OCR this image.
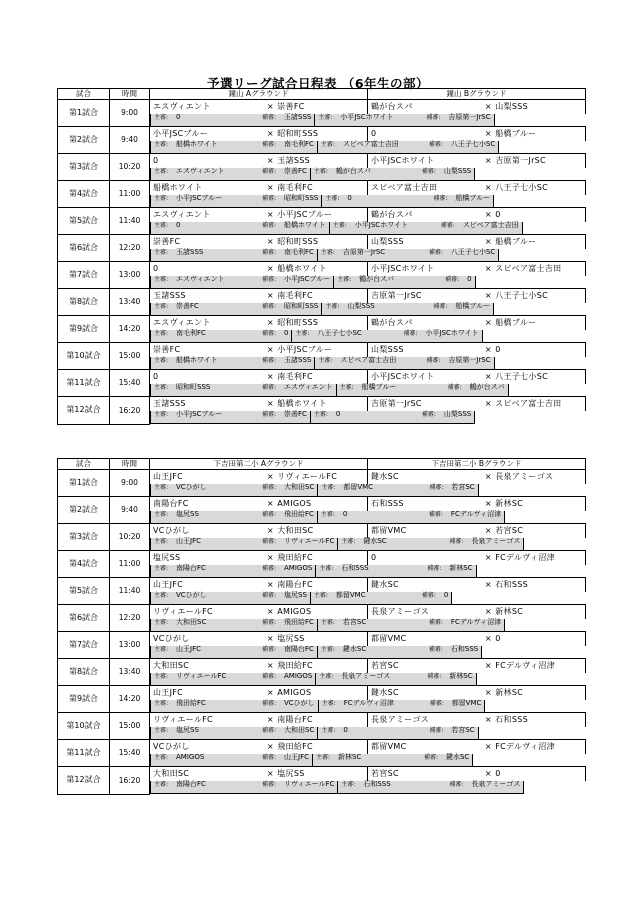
予選リーグ試合日程表 （6年生の部）
試合	時間	鐘山 Aグラウンド	鐘山 Bグラウンド
第1試合	9:00	エスヴィエント	× 崇善FC	鶴が台スパ	× 山梨SSS

主審:	0	補審:	玉諸SSS 主審:	小平JSCホワイト	補審:	吉原第一JrSC
第2試合	9:40	小平JSCブルー	× 昭和町SSS	0	× 船橋ブルー

主審:	船橋ホワイト	補審:	南毛利FC 主審:	スピベア富士吉田	補審:	八王子七小SC
第3試合	10:20	0	× 玉諸SSS	小平JSCホワイト	× 吉原第一JrSC

主審:	エスヴィエント	補審:	崇善FC 主審:	鶴が台スパ	補審:	山梨SSS
第4試合	11:00	船橋ホワイト	× 南毛利FC	スピベア富士吉田	× 八王子七小SC

主審:	小平JSCブルー	補審:	昭和町SSS 主審:	0	補審:	船橋ブルー
第5試合	11:40	エスヴィエント	× 小平JSCブルー	鶴が台スパ	× 0

主審:	0	補審:	船橋ホワイト 主審:	小平JSCホワイト	補審:	スピベア富士吉田
第6試合	12:20	崇善FC	× 昭和町SSS	山梨SSS	× 船橋ブルー

主審:	玉諸SSS	補審:	南毛利FC 主審:	吉原第一JrSC	補審:	八王子七小SC
第7試合	13:00	0	× 船橋ホワイト	小平JSCホワイト	× スピベア富士吉田

主審:	エスヴィエント	補審:	小平JSCブルー 主審:	鶴が台スパ	補審:	0
第8試合	13:40	玉諸SSS	× 南毛利FC	吉原第一JrSC	× 八王子七小SC

主審:	崇善FC	補審:	昭和町SSS 主審:	山梨SSS	補審:	船橋ブルー
第9試合	14:20	エスヴィエント	× 昭和町SSS	鶴が台スパ	× 船橋ブルー

主審:	南毛利FC	補審:	0 主審:	八王子七小SC	補審:	小平JSCホワイト
第10試合	15:00	崇善FC	× 小平JSCブルー	山梨SSS	× 0

主審:	船橋ホワイト	補審:	玉諸SSS 主審:	スピベア富士吉田	補審:	吉原第一JrSC
第11試合	15:40	0	× 南毛利FC	小平JSCホワイト	× 八王子七小SC

主審:	昭和町SSS	補審:	エスヴィエント 主審:	船橋ブルー	補審:	鶴が台スパ
第12試合	16:20	玉諸SSS	× 船橋ホワイト	吉原第一JrSC	× スピベア富士吉田

主審:	小平JSCブルー	補審:	崇善FC 主審:	0	補審:	山梨SSS
試合	時間	下吉田第二小 Aグラウンド	下吉田第二小 Bグラウンド
第1試合	9:00	山王JFC	× リヴィエールFC	鍵水SC	× 長泉アミーゴス

主審:	VCひがし	補審:	大和田SC 主審:	都留VMC	補審:	若宮SC
第2試合	9:40	南陽台FC	× AMIGOS	石和SSS	× 新林SC

主審:	塩尻SS	補審:	飛田給FC 主審:	0	補審:	FCデルヴィ沼津
第3試合	10:20	VCひがし	× 大和田SC	都留VMC	× 若宮SC

主審:	山王JFC	補審:	リヴィエールFC 主審:	鍵水SC	補審:	長泉アミーゴス
第4試合	11:00	塩尻SS	× 飛田給FC	0	× FCデルヴィ沼津

主審:	南陽台FC	補審:	AMIGOS 主審:	石和SSS	補審:	新林SC
第5試合	11:40	山王JFC	× 南陽台FC	鍵水SC	× 石和SSS

主審:	VCひがし	補審:	塩尻SS 主審:	都留VMC	補審:	0
第6試合	12:20	リヴィエールFC	× AMIGOS	長泉アミーゴス	× 新林SC

主審:	大和田SC	補審:	飛田給FC 主審:	若宮SC	補審:	FCデルヴィ沼津
第7試合	13:00	VCひがし	× 塩尻SS	都留VMC	× 0

主審:	山王JFC	補審:	南陽台FC 主審:	鍵水SC	補審:	石和SSS
第8試合	13:40	大和田SC	× 飛田給FC	若宮SC	× FCデルヴィ沼津

主審:	リヴィエールFC	補審:	AMIGOS 主審:	長泉アミーゴス	補審:	新林SC
第9試合	14:20	山王JFC	× AMIGOS	鍵水SC	× 新林SC

主審:	飛田給FC	補審:	VCひがし 主審:	FCデルヴィ沼津	補審:	都留VMC
第10試合	15:00	リヴィエールFC	× 南陽台FC	長泉アミーゴス	× 石和SSS

主審:	塩尻SS	補審:	大和田SC 主審:	0	補審:	若宮SC
第11試合	15:40	VCひがし	× 飛田給FC	都留VMC	× FCデルヴィ沼津

主審:	AMIGOS	補審:	山王JFC 主審:	新林SC	補審:	鍵水SC
第12試合	16:20	大和田SC	× 塩尻SS	若宮SC	× 0

主審:	南陽台FC	補審:	リヴィエールFC 主審:	石和SSS	補審:	長泉アミーゴス
